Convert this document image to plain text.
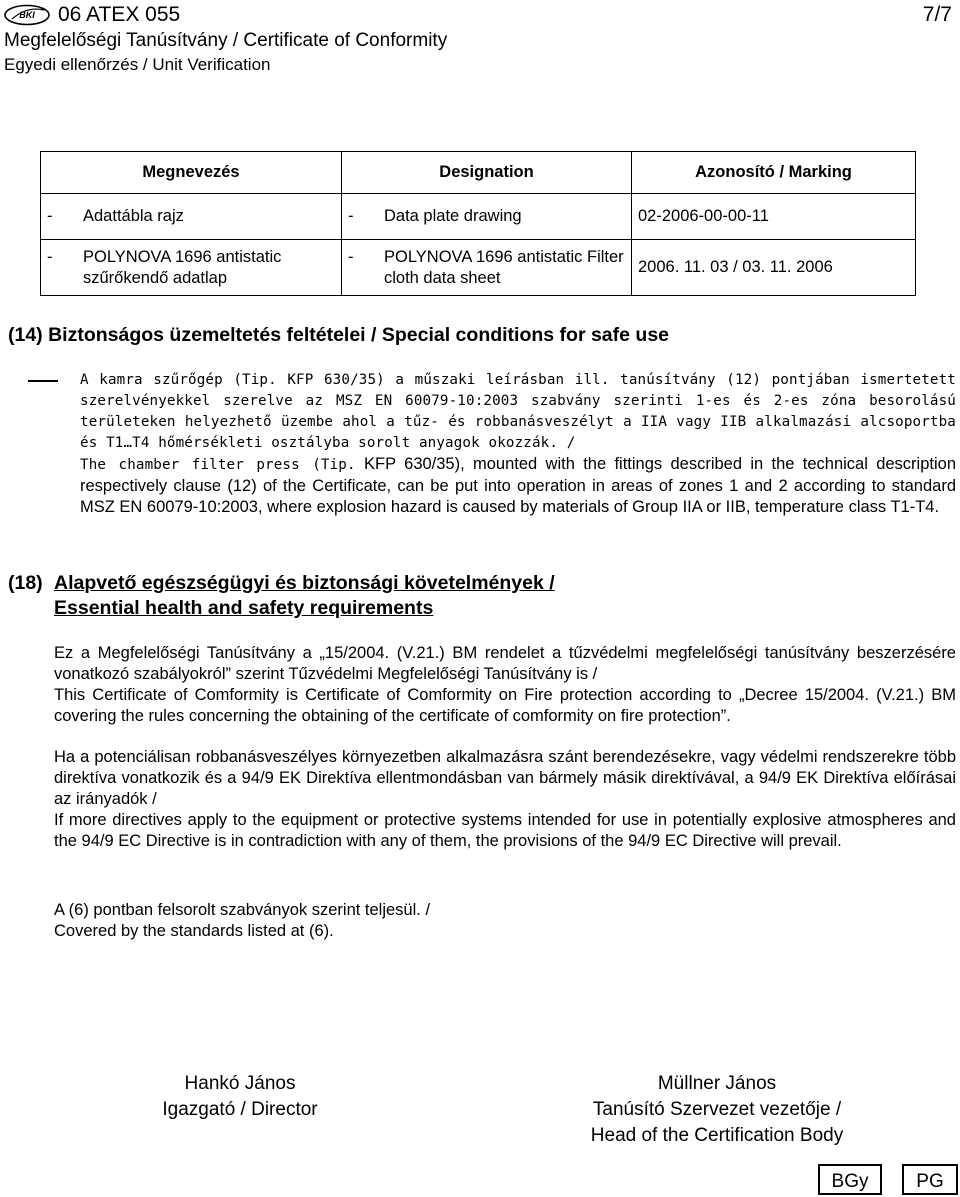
BKI 06 ATEX 055	7/7
Megfelelőségi Tanúsítvány / Certificate of Conformity
Egyedi ellenőrzés / Unit Verification
Megnevezés	Designation	Azonosító / Marking

- Adattábla rajz	- Data plate drawing	02-2006-00-00-11

- POLYNOVA 1696 antistatic szűrőkendő adatlap	- POLYNOVA 1696 antistatic Filter cloth data sheet	2006. 11. 03 / 03. 11. 2006
(14) Biztonságos üzemeltetés feltételei / Special conditions for safe use

A kamra szűrőgép (Tip. KFP 630/35) a műszaki leírásban ill. tanúsítvány (12) pontjában ismertetett szerelvényekkel szerelve az MSZ EN 60079-10:2003 szabvány szerinti 1-es és 2-es zóna besorolású területeken helyezhető üzembe ahol a tűz- és robbanásveszélyt a IIA vagy IIB alkalmazási alcsoportba és T1…T4 hőmérsékleti osztályba sorolt anyagok okozzák. /

The chamber filter press (Tip. KFP 630/35), mounted with the fittings described in the technical description respectively clause (12) of the Certificate, can be put into operation in areas of zones 1 and 2 according to standard MSZ EN 60079-10:2003, where explosion hazard is caused by materials of Group IIA or IIB, temperature class T1-T4.

(18) Alapvető egészségügyi és biztonsági követelmények /
Essential health and safety requirements

Ez a Megfelelőségi Tanúsítvány a „15/2004. (V.21.) BM rendelet a tűzvédelmi megfelelőségi tanúsítvány beszerzésére vonatkozó szabályokról” szerint Tűzvédelmi Megfelelőségi Tanúsítvány is /

This Certificate of Comformity is Certificate of Comformity on Fire protection according to „Decree 15/2004. (V.21.) BM covering the rules concerning the obtaining of the certificate of comformity on fire protection”.

Ha a potenciálisan robbanásveszélyes környezetben alkalmazásra szánt berendezésekre, vagy védelmi rendszerekre több direktíva vonatkozik és a 94/9 EK Direktíva ellentmondásban van bármely másik direktívával, a 94/9 EK Direktíva előírásai az irányadók /

If more directives apply to the equipment or protective systems intended for use in potentially explosive atmospheres and the 94/9 EC Directive is in contradiction with any of them, the provisions of the 94/9 EC Directive will prevail.

A (6) pontban felsorolt szabványok szerint teljesül. /

Covered by the standards listed at (6).

Hankó János
Igazgató / Director
Müllner János
Tanúsító Szervezet vezetője /
Head of the Certification Body
BGy	PG
